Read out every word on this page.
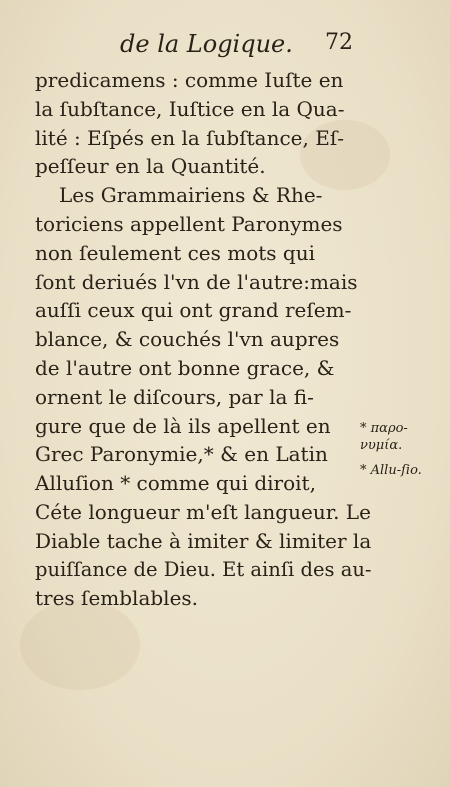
de la Logique. 72
predicamens : comme Iuſte en
la ſubſtance, Iuſtice en la Qua-
lité : Eſpés en la ſubſtance, Eſ-
peſſeur en la Quantité.
Les Grammairiens & Rhe-
toriciens appellent Paronymes
non ſeulement ces mots qui
ſont deriués l'vn de l'autre:mais
auſſi ceux qui ont grand reſem-
blance, & couchés l'vn aupres
de l'autre ont bonne grace, &
ornent le diſcours, par la fi-
gure que de là ils apellent en
Grec Paronymie,* & en Latin
Alluſion * comme qui diroit,
Céte longueur m'eſt langueur. Le
Diable tache à imiter & limiter la
puiſſance de Dieu. Et ainſi des au-
tres ſemblables.
* παρο-νυμία.
* Allu-ſio.
